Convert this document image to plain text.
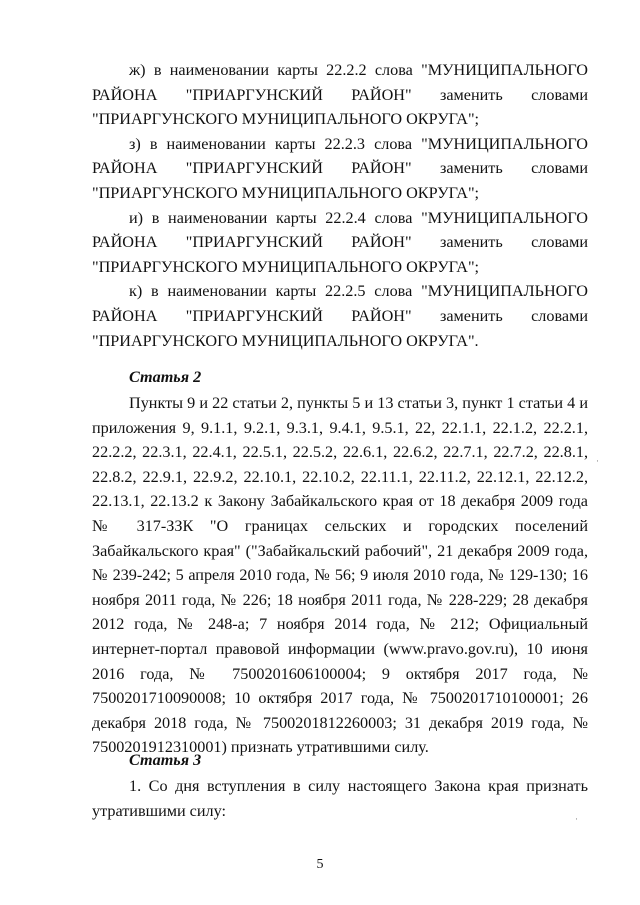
ж) в наименовании карты 22.2.2 слова "МУНИЦИПАЛЬНОГО РАЙОНА "ПРИАРГУНСКИЙ РАЙОН" заменить словами "ПРИАРГУНСКОГО МУНИЦИПАЛЬНОГО ОКРУГА";

з) в наименовании карты 22.2.3 слова "МУНИЦИПАЛЬНОГО РАЙОНА "ПРИАРГУНСКИЙ РАЙОН" заменить словами "ПРИАРГУНСКОГО МУНИЦИПАЛЬНОГО ОКРУГА";

и) в наименовании карты 22.2.4 слова "МУНИЦИПАЛЬНОГО РАЙОНА "ПРИАРГУНСКИЙ РАЙОН" заменить словами "ПРИАРГУНСКОГО МУНИЦИПАЛЬНОГО ОКРУГА";

к) в наименовании карты 22.2.5 слова "МУНИЦИПАЛЬНОГО РАЙОНА "ПРИАРГУНСКИЙ РАЙОН" заменить словами "ПРИАРГУНСКОГО МУНИЦИПАЛЬНОГО ОКРУГА".

Статья 2

Пункты 9 и 22 статьи 2, пункты 5 и 13 статьи 3, пункт 1 статьи 4 и приложения 9, 9.1.1, 9.2.1, 9.3.1, 9.4.1, 9.5.1, 22, 22.1.1, 22.1.2, 22.2.1, 22.2.2, 22.3.1, 22.4.1, 22.5.1, 22.5.2, 22.6.1, 22.6.2, 22.7.1, 22.7.2, 22.8.1, 22.8.2, 22.9.1, 22.9.2, 22.10.1, 22.10.2, 22.11.1, 22.11.2, 22.12.1, 22.12.2, 22.13.1, 22.13.2 к Закону Забайкальского края от 18 декабря 2009 года № 317-ЗЗК "О границах сельских и городских поселений Забайкальского края" ("Забайкальский рабочий", 21 декабря 2009 года, № 239-242; 5 апреля 2010 года, № 56; 9 июля 2010 года, № 129-130; 16 ноября 2011 года, № 226; 18 ноября 2011 года, № 228-229; 28 декабря 2012 года, № 248-а; 7 ноября 2014 года, № 212; Официальный интернет-портал правовой информации (www.pravo.gov.ru), 10 июня 2016 года, № 7500201606100004; 9 октября 2017 года, № 7500201710090008; 10 октября 2017 года, № 7500201710100001; 26 декабря 2018 года, № 7500201812260003; 31 декабря 2019 года, № 7500201912310001) признать утратившими силу.

Статья 3

1. Со дня вступления в силу настоящего Закона края признать утратившими силу:

5
·
·
